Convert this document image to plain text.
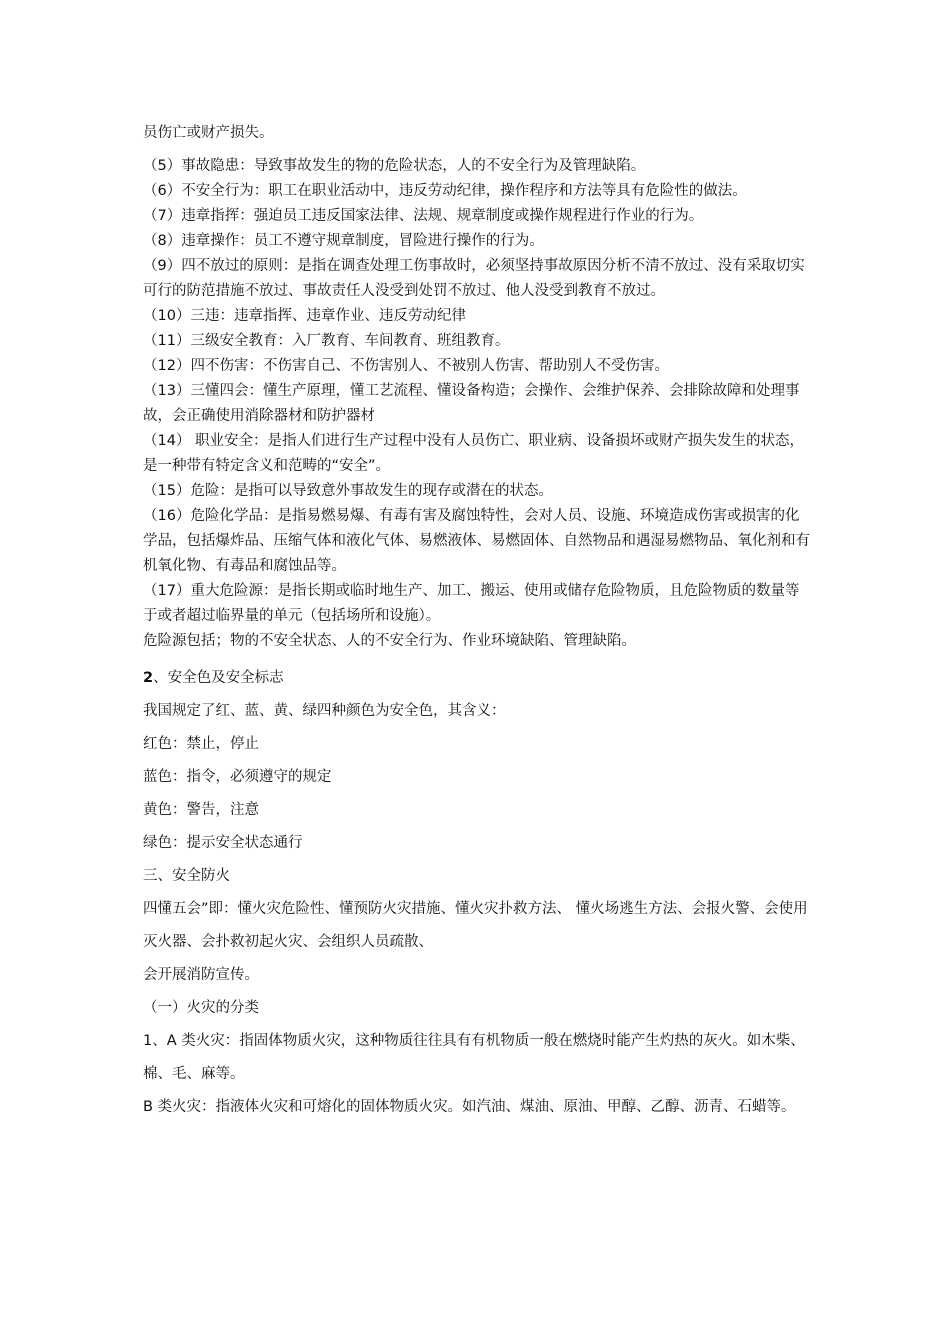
员伤亡或财产损失。

（5）事故隐患：导致事故发生的物的危险状态，人的不安全行为及管理缺陷。

（6）不安全行为：职工在职业活动中，违反劳动纪律，操作程序和方法等具有危险性的做法。

（7）违章指挥：强迫员工违反国家法律、法规、规章制度或操作规程进行作业的行为。

（8）违章操作：员工不遵守规章制度，冒险进行操作的行为。

（9）四不放过的原则：是指在调查处理工伤事故时，必须坚持事故原因分析不清不放过、没有采取切实可行的防范措施不放过、事故责任人没受到处罚不放过、他人没受到教育不放过。

（10）三违：违章指挥、违章作业、违反劳动纪律

（11）三级安全教育：入厂教育、车间教育、班组教育。

（12）四不伤害：不伤害自己、不伤害别人、不被别人伤害、帮助别人不受伤害。

（13）三懂四会：懂生产原理，懂工艺流程、懂设备构造；会操作、会维护保养、会排除故障和处理事故，会正确使用消除器材和防护器材

（14） 职业安全：是指人们进行生产过程中没有人员伤亡、职业病、设备损坏或财产损失发生的状态，是一种带有特定含义和范畴的“安全”。

（15）危险：是指可以导致意外事故发生的现存或潜在的状态。

（16）危险化学品：是指易燃易爆、有毒有害及腐蚀特性，会对人员、设施、环境造成伤害或损害的化学品，包括爆炸品、压缩气体和液化气体、易燃液体、易燃固体、自然物品和遇湿易燃物品、氧化剂和有机氧化物、有毒品和腐蚀品等。

（17）重大危险源：是指长期或临时地生产、加工、搬运、使用或储存危险物质，且危险物质的数量等于或者超过临界量的单元（包括场所和设施）。

危险源包括；物的不安全状态、人的不安全行为、作业环境缺陷、管理缺陷。

2、安全色及安全标志

我国规定了红、蓝、黄、绿四种颜色为安全色，其含义：

红色：禁止，停止

蓝色：指令，必须遵守的规定

黄色：警告，注意

绿色：提示安全状态通行

三、安全防火

四懂五会”即：懂火灾危险性、懂预防火灾措施、懂火灾扑救方法、 懂火场逃生方法、会报火警、会使用灭火器、会扑救初起火灾、会组织人员疏散、

会开展消防宣传。

（一）火灾的分类

1、A 类火灾：指固体物质火灾，这种物质往往具有有机物质一般在燃烧时能产生灼热的灰火。如木柴、棉、毛、麻等。

B 类火灾：指液体火灾和可熔化的固体物质火灾。如汽油、煤油、原油、甲醇、乙醇、沥青、石蜡等。
